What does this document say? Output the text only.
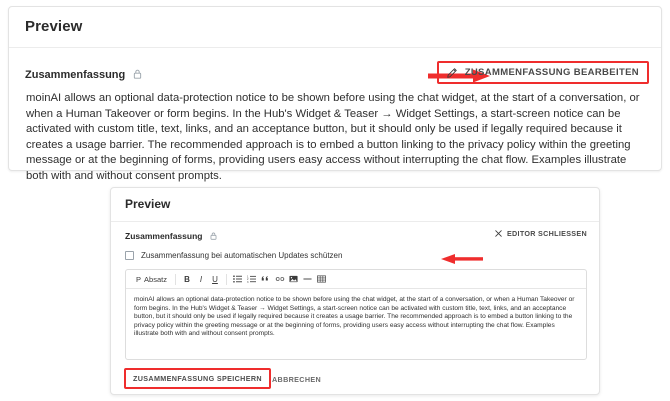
Preview
Zusammenfassung	ZUSAMMENFASSUNG BEARBEITEN
moinAI allows an optional data-protection notice to be shown before using the chat widget, at the start of a conversation, or when a Human Takeover or form begins. In the Hub's Widget & Teaser → Widget Settings, a start-screen notice can be activated with custom title, text, links, and an acceptance button, but it should only be used if legally required because it creates a usage barrier. The recommended approach is to embed a button linking to the privacy policy within the greeting message or at the beginning of forms, providing users easy access without interrupting the chat flow. Examples illustrate both with and without consent prompts.
Preview
Zusammenfassung	EDITOR SCHLIESSEN
Zusammenfassung bei automatischen Updates schützen
P Absatz	B	I	U	1
2
3
moinAI allows an optional data-protection notice to be shown before using the chat widget, at the start of a conversation, or when a Human Takeover or form begins. In the Hub's Widget & Teaser → Widget Settings, a start-screen notice can be activated with custom title, text, links, and an acceptance button, but it should only be used if legally required because it creates a usage barrier. The recommended approach is to embed a button linking to the privacy policy within the greeting message or at the beginning of forms, providing users easy access without interrupting the chat flow. Examples illustrate both with and without consent prompts.
ZUSAMMENFASSUNG SPEICHERN	ABBRECHEN
